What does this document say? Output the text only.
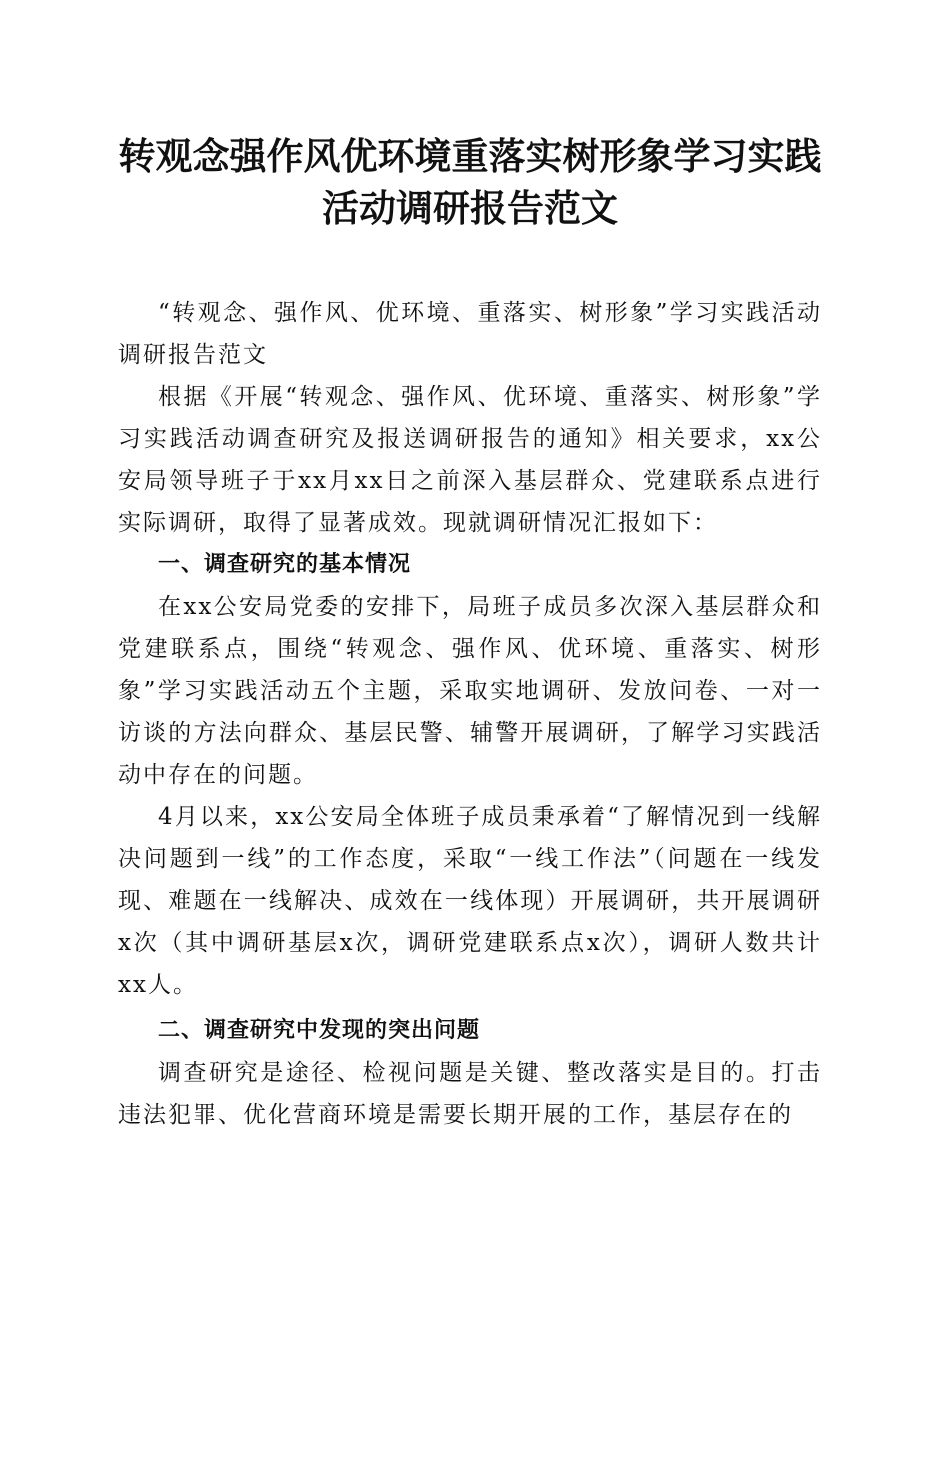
转观念强作风优环境重落实树形象学习实践活动调研报告范文

“转观念、强作风、优环境、重落实、树形象”学习实践活动调研报告范文

根据《开展“转观念、强作风、优环境、重落实、树形象”学习实践活动调查研究及报送调研报告的通知》相关要求，xx公安局领导班子于xx月xx日之前深入基层群众、党建联系点进行实际调研，取得了显著成效。现就调研情况汇报如下：

一、调查研究的基本情况

在xx公安局党委的安排下，局班子成员多次深入基层群众和党建联系点，围绕“转观念、强作风、优环境、重落实、树形象”学习实践活动五个主题，采取实地调研、发放问卷、一对一访谈的方法向群众、基层民警、辅警开展调研，了解学习实践活动中存在的问题。

4月以来，xx公安局全体班子成员秉承着“了解情况到一线解决问题到一线”的工作态度，采取“一线工作法”（问题在一线发现、难题在一线解决、成效在一线体现）开展调研，共开展调研x次（其中调研基层x次，调研党建联系点x次），调研人数共计xx人。

二、调查研究中发现的突出问题

调查研究是途径、检视问题是关键、整改落实是目的。打击违法犯罪、优化营商环境是需要长期开展的工作，基层存在的
